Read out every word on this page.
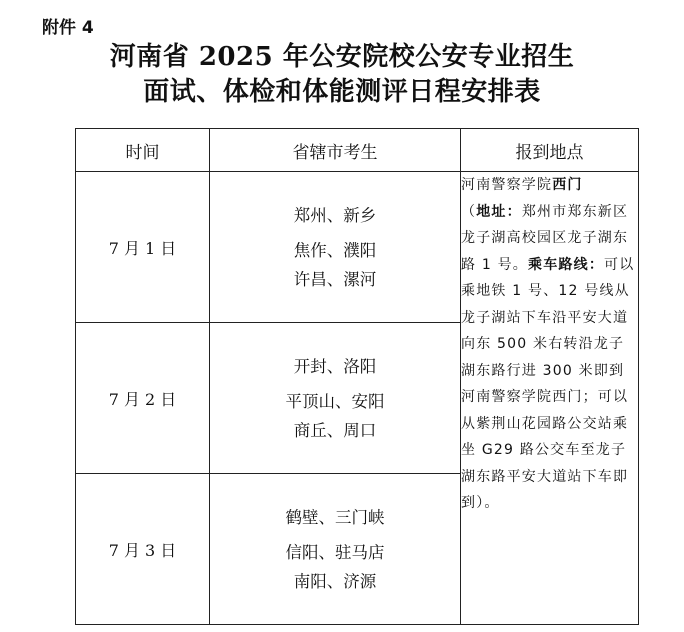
附件 4
河南省 2025 年公安院校公安专业招生
面试、体检和体能测评日程安排表
时间	省辖市考生	报到地点
7 月 1 日	郑州、新乡
焦作、濮阳
许昌、漯河	河南警察学院西门
（地址：郑州市郑东新区龙子湖高校园区龙子湖东路 1 号。乘车路线：可以乘地铁 1 号、12 号线从龙子湖站下车沿平安大道向东 500 米右转沿龙子湖东路行进 300 米即到河南警察学院西门；可以从紫荆山花园路公交站乘坐 G29 路公交车至龙子湖东路平安大道站下车即到）。
7 月 2 日	开封、洛阳
平顶山、安阳
商丘、周口	

7 月 3 日	鹤壁、三门峡
信阳、驻马店
南阳、济源	
